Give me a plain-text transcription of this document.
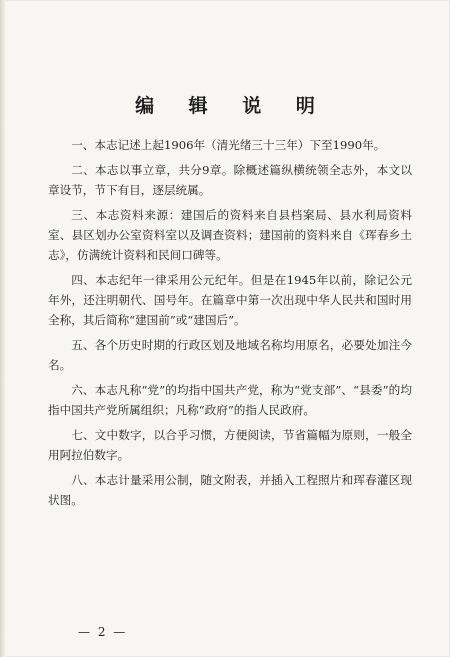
编 辑 说 明

一、本志记述上起1906年（清光绪三十三年）下至1990年。

二、本志以事立章，共分9章。除概述篇纵横统领全志外，本文以章设节，节下有目，逐层统属。

三、本志资料来源：建国后的资料来自县档案局、县水利局资料室、县区划办公室资料室以及调查资料；建国前的资料来自《珲春乡土志》，仿满统计资料和民间口碑等。

四、本志纪年一律采用公元纪年。但是在1945年以前，除记公元年外，还注明朝代、国号年。在篇章中第一次出现中华人民共和国时用全称，其后简称“建国前”或“建国后”。

五、各个历史时期的行政区划及地域名称均用原名，必要处加注今名。

六、本志凡称“党”的均指中国共产党，称为“党支部”、“县委”的均指中国共产党所属组织；凡称“政府”的指人民政府。

七、文中数字，以合乎习惯，方便阅读，节省篇幅为原则，一般全用阿拉伯数字。

八、本志计量采用公制，随文附表，并插入工程照片和珲春灌区现状图。

— 2 —
